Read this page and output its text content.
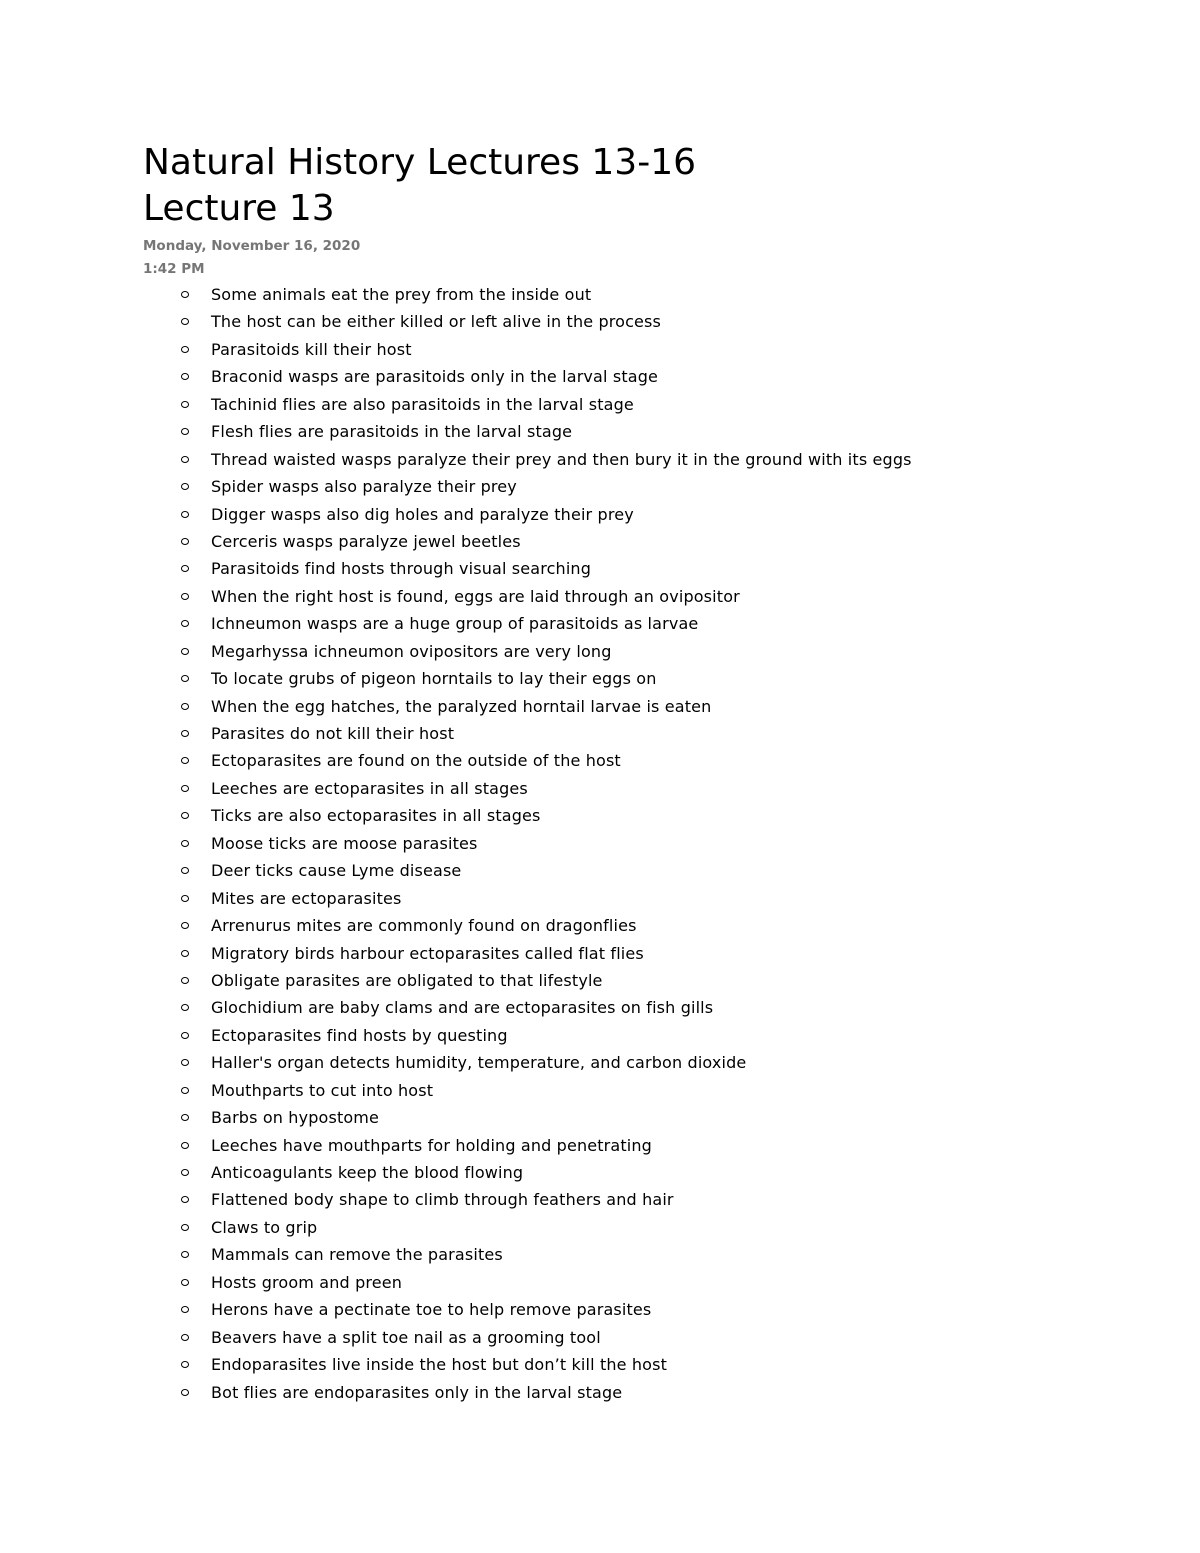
Natural History Lectures 13-16
Lecture 13

Monday, November 16, 2020

1:42 PM

Some animals eat the prey from the inside out
The host can be either killed or left alive in the process
Parasitoids kill their host
Braconid wasps are parasitoids only in the larval stage
Tachinid flies are also parasitoids in the larval stage
Flesh flies are parasitoids in the larval stage
Thread waisted wasps paralyze their prey and then bury it in the ground with its eggs
Spider wasps also paralyze their prey
Digger wasps also dig holes and paralyze their prey
Cerceris wasps paralyze jewel beetles
Parasitoids find hosts through visual searching
When the right host is found, eggs are laid through an ovipositor
Ichneumon wasps are a huge group of parasitoids as larvae
Megarhyssa ichneumon ovipositors are very long
To locate grubs of pigeon horntails to lay their eggs on
When the egg hatches, the paralyzed horntail larvae is eaten
Parasites do not kill their host
Ectoparasites are found on the outside of the host
Leeches are ectoparasites in all stages
Ticks are also ectoparasites in all stages
Moose ticks are moose parasites
Deer ticks cause Lyme disease
Mites are ectoparasites
Arrenurus mites are commonly found on dragonflies
Migratory birds harbour ectoparasites called flat flies
Obligate parasites are obligated to that lifestyle
Glochidium are baby clams and are ectoparasites on fish gills
Ectoparasites find hosts by questing
Haller's organ detects humidity, temperature, and carbon dioxide
Mouthparts to cut into host
Barbs on hypostome
Leeches have mouthparts for holding and penetrating
Anticoagulants keep the blood flowing
Flattened body shape to climb through feathers and hair
Claws to grip
Mammals can remove the parasites
Hosts groom and preen
Herons have a pectinate toe to help remove parasites
Beavers have a split toe nail as a grooming tool
Endoparasites live inside the host but don’t kill the host
Bot flies are endoparasites only in the larval stage
